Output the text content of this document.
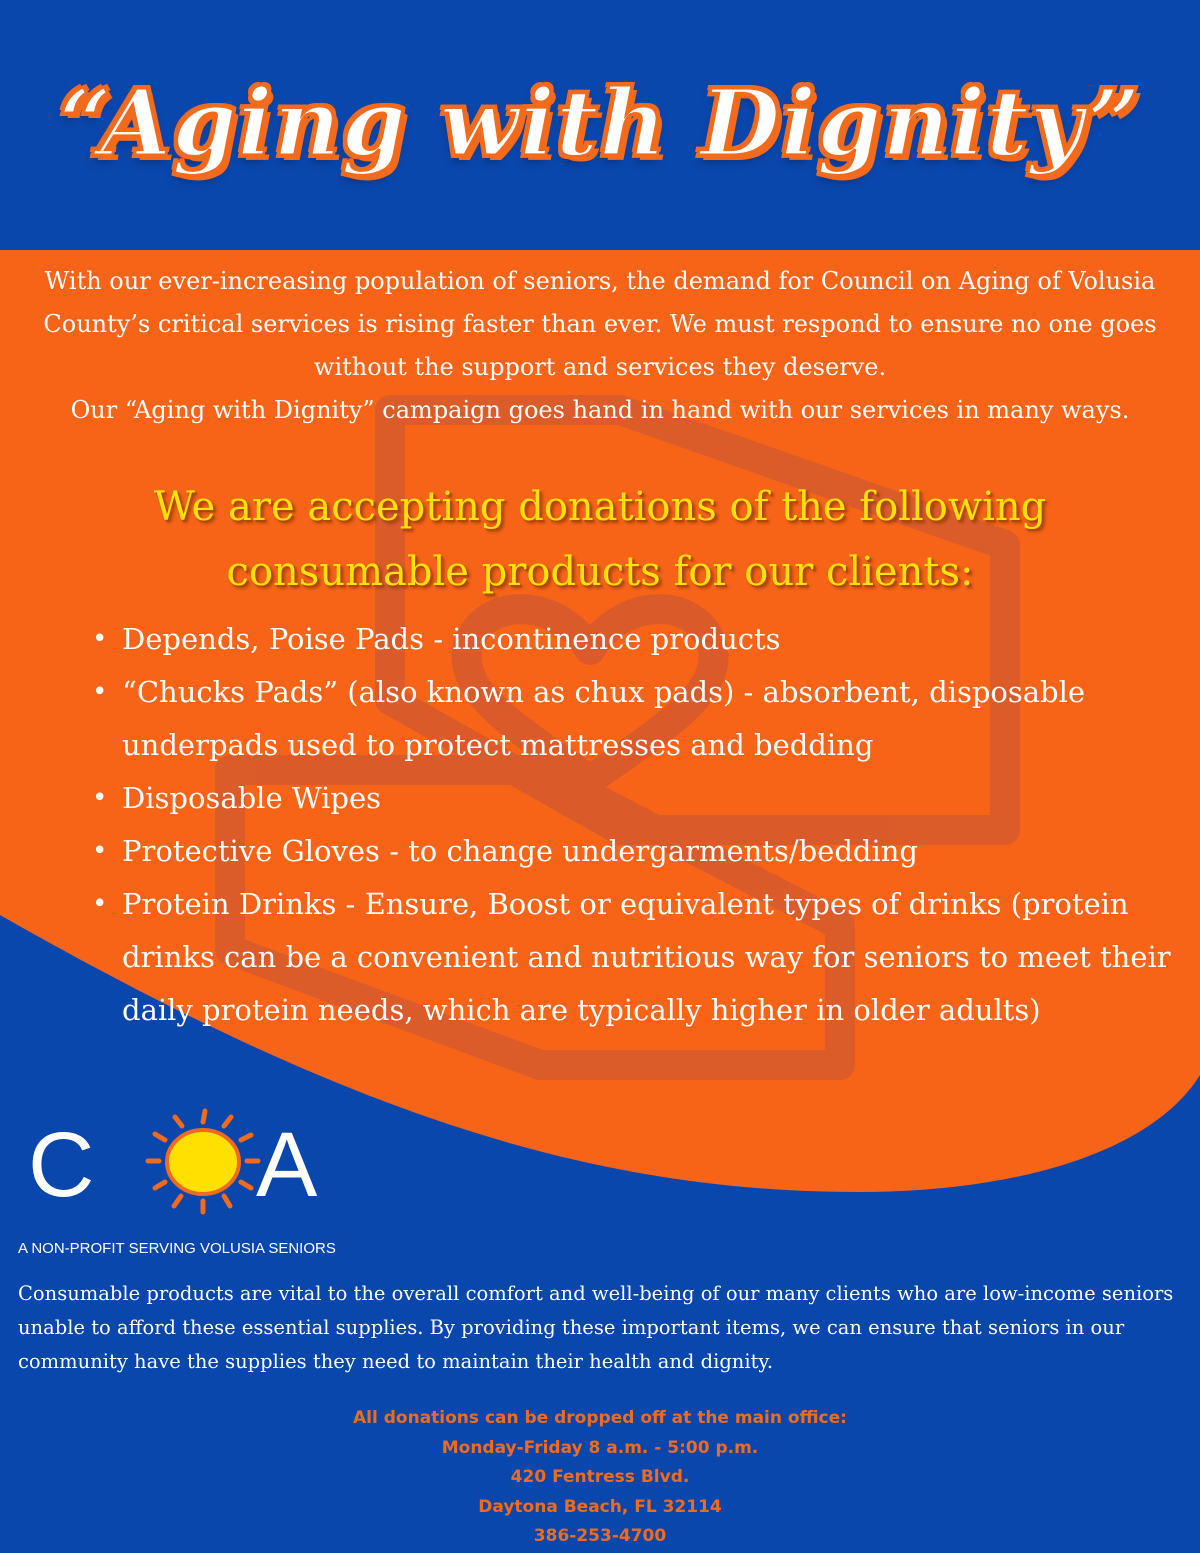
“Aging with Dignity”

With our ever-increasing population of seniors, the demand for Council on Aging of Volusia County’s critical services is rising faster than ever. We must respond to ensure no one goes without the support and services they deserve.

Our “Aging with Dignity” campaign goes hand in hand with our services in many ways.

We are accepting donations of the following consumable products for our clients:
• Depends, Poise Pads - incontinence products
• “Chucks Pads” (also known as chux pads) - absorbent, disposable underpads used to protect mattresses and bedding
• Disposable Wipes
• Protective Gloves - to change undergarments/bedding
• Protein Drinks - Ensure, Boost or equivalent types of drinks (protein drinks can be a convenient and nutritious way for seniors to meet their daily protein needs, which are typically higher in older adults)
C A

A NON-PROFIT SERVING VOLUSIA SENIORS

Consumable products are vital to the overall comfort and well-being of our many clients who are low-income seniors unable to afford these essential supplies. By providing these important items, we can ensure that seniors in our community have the supplies they need to maintain their health and dignity.

All donations can be dropped off at the main office:
Monday-Friday 8 a.m. - 5:00 p.m.
420 Fentress Blvd.
Daytona Beach, FL 32114
386-253-4700
